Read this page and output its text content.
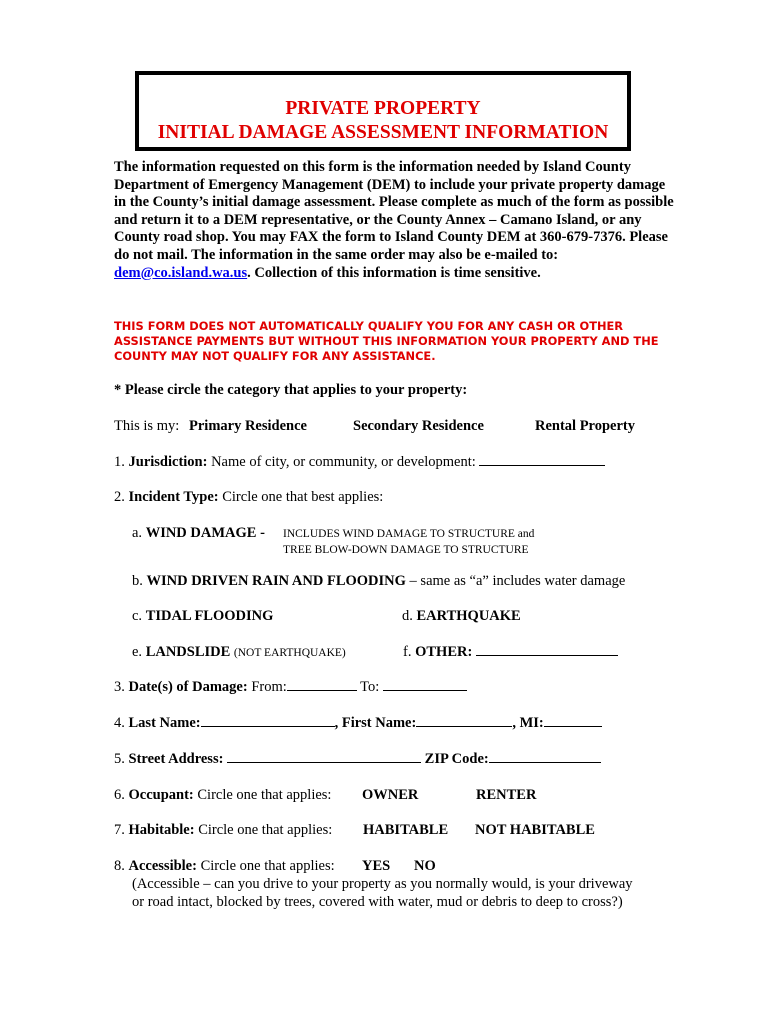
PRIVATE PROPERTY
INITIAL DAMAGE ASSESSMENT INFORMATION
The information requested on this form is the information needed by Island County Department of Emergency Management (DEM) to include your private property damage in the County’s initial damage assessment. Please complete as much of the form as possible and return it to a DEM representative, or the County Annex – Camano Island, or any County road shop. You may FAX the form to Island County DEM at 360-679-7376. Please do not mail. The information in the same order may also be e-mailed to: dem@co.island.wa.us. Collection of this information is time sensitive.
THIS FORM DOES NOT AUTOMATICALLY QUALIFY YOU FOR ANY CASH OR OTHER ASSISTANCE PAYMENTS BUT WITHOUT THIS INFORMATION YOUR PROPERTY AND THE COUNTY MAY NOT QUALIFY FOR ANY ASSISTANCE.
* Please circle the category that applies to your property:
This is my: Primary Residence	Secondary Residence	Rental Property
1. Jurisdiction: Name of city, or community, or development:
2. Incident Type: Circle one that best applies:
a. WIND DAMAGE - INCLUDES WIND DAMAGE TO STRUCTURE and
TREE BLOW-DOWN DAMAGE TO STRUCTURE
b. WIND DRIVEN RAIN AND FLOODING – same as “a” includes water damage
c. TIDAL FLOODING	d. EARTHQUAKE
e. LANDSLIDE (NOT EARTHQUAKE)	f. OTHER:
3. Date(s) of Damage: From:	To:
4. Last Name:	, First Name:	, MI:
5. Street Address:	ZIP Code:
6. Occupant: Circle one that applies: OWNER	RENTER
7. Habitable: Circle one that applies: HABITABLE NOT HABITABLE
8. Accessible: Circle one that applies: YES NO
(Accessible – can you drive to your property as you normally would, is your driveway
or road intact, blocked by trees, covered with water, mud or debris to deep to cross?)
